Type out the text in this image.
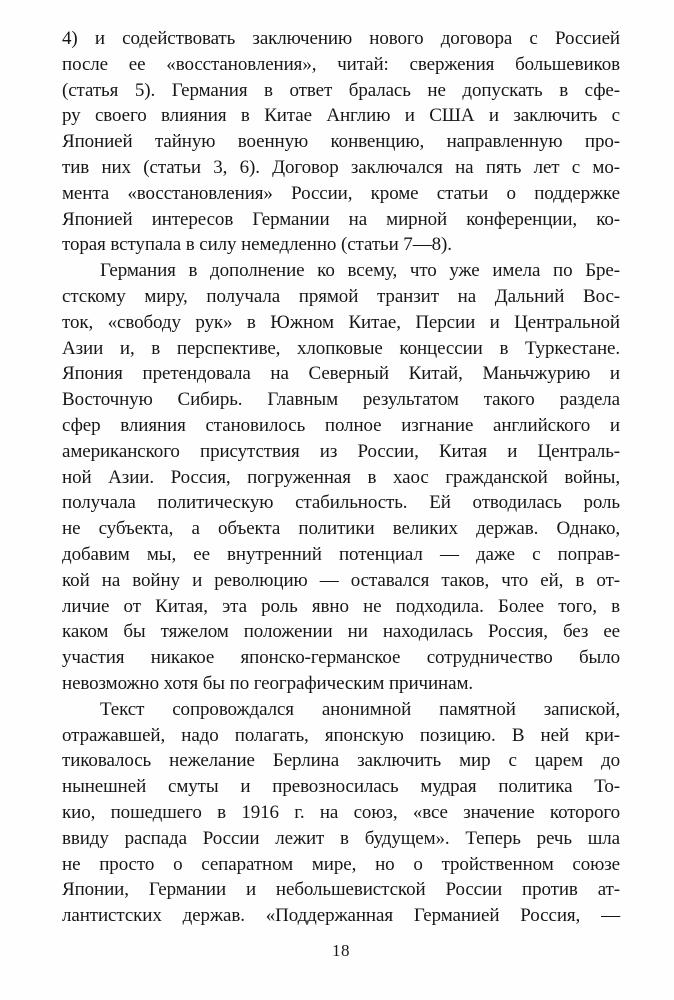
4) и содействовать заключению нового договора с Россией
после ее «восстановления», читай: свержения большевиков
(статья 5). Германия в ответ бралась не допускать в сфе-
ру своего влияния в Китае Англию и США и заключить с
Японией тайную военную конвенцию, направленную про-
тив них (статьи 3, 6). Договор заключался на пять лет с мо-
мента «восстановления» России, кроме статьи о поддержке
Японией интересов Германии на мирной конференции, ко-
торая вступала в силу немедленно (статьи 7—8).
Германия в дополнение ко всему, что уже имела по Бре-
стскому миру, получала прямой транзит на Дальний Вос-
ток, «свободу рук» в Южном Китае, Персии и Центральной
Азии и, в перспективе, хлопковые концессии в Туркестане.
Япония претендовала на Северный Китай, Маньчжурию и
Восточную Сибирь. Главным результатом такого раздела
сфер влияния становилось полное изгнание английского и
американского присутствия из России, Китая и Централь-
ной Азии. Россия, погруженная в хаос гражданской войны,
получала политическую стабильность. Ей отводилась роль
не субъекта, а объекта политики великих держав. Однако,
добавим мы, ее внутренний потенциал — даже с поправ-
кой на войну и революцию — оставался таков, что ей, в от-
личие от Китая, эта роль явно не подходила. Более того, в
каком бы тяжелом положении ни находилась Россия, без ее
участия никакое японско-германское сотрудничество было
невозможно хотя бы по географическим причинам.
Текст сопровождался анонимной памятной запиской,
отражавшей, надо полагать, японскую позицию. В ней кри-
тиковалось нежелание Берлина заключить мир с царем до
нынешней смуты и превозносилась мудрая политика То-
кио, пошедшего в 1916 г. на союз, «все значение которого
ввиду распада России лежит в будущем». Теперь речь шла
не просто о сепаратном мире, но о тройственном союзе
Японии, Германии и небольшевистской России против ат-
лантистских держав. «Поддержанная Германией Россия, —
18
